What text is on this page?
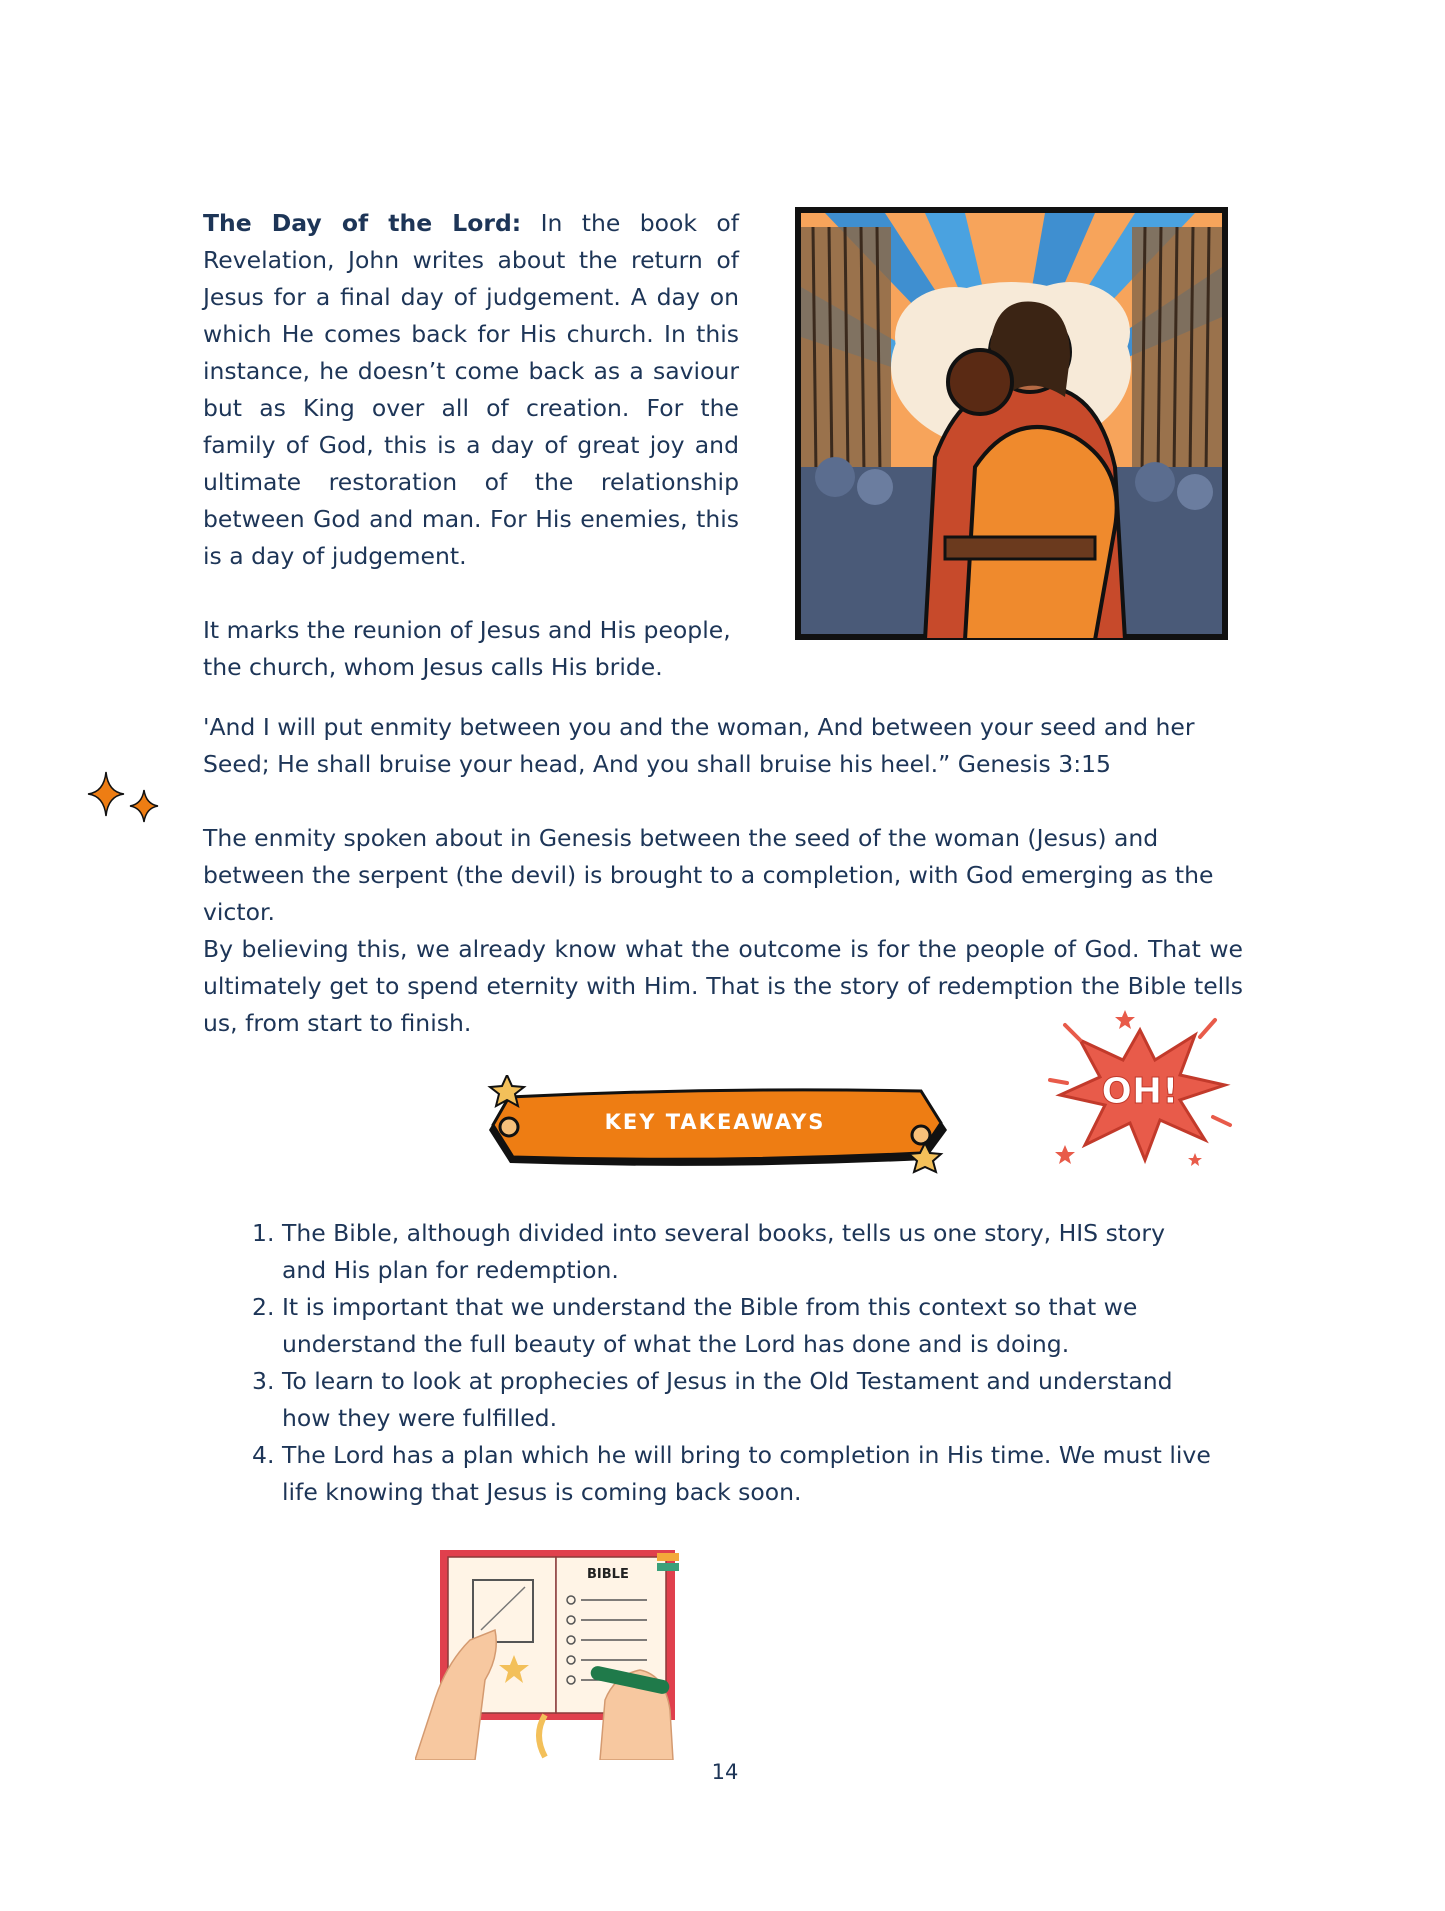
The Day of the Lord: In the book of Revelation, John writes about the return of Jesus for a final day of judgement. A day on which He comes back for His church. In this instance, he doesn’t come back as a saviour but as King over all of creation. For the family of God, this is a day of great joy and ultimate restoration of the relationship between God and man. For His enemies, this is a day of judgement.
It marks the reunion of Jesus and His people, the church, whom Jesus calls His bride.
'And I will put enmity between you and the woman, And between your seed and her Seed; He shall bruise your head, And you shall bruise his heel.” Genesis 3:15
The enmity spoken about in Genesis between the seed of the woman (Jesus) and between the serpent (the devil) is brought to a completion, with God emerging as the victor.
By believing this, we already know what the outcome is for the people of God. That we ultimately get to spend eternity with Him. That is the story of redemption the Bible tells us, from start to finish.
OH!
KEY TAKEAWAYS
1. The Bible, although divided into several books, tells us one story, HIS story and His plan for redemption.
2. It is important that we understand the Bible from this context so that we understand the full beauty of what the Lord has done and is doing.
3. To learn to look at prophecies of Jesus in the Old Testament and understand how they were fulfilled.
4. The Lord has a plan which he will bring to completion in His time. We must live life knowing that Jesus is coming back soon.
BIBLE
14
